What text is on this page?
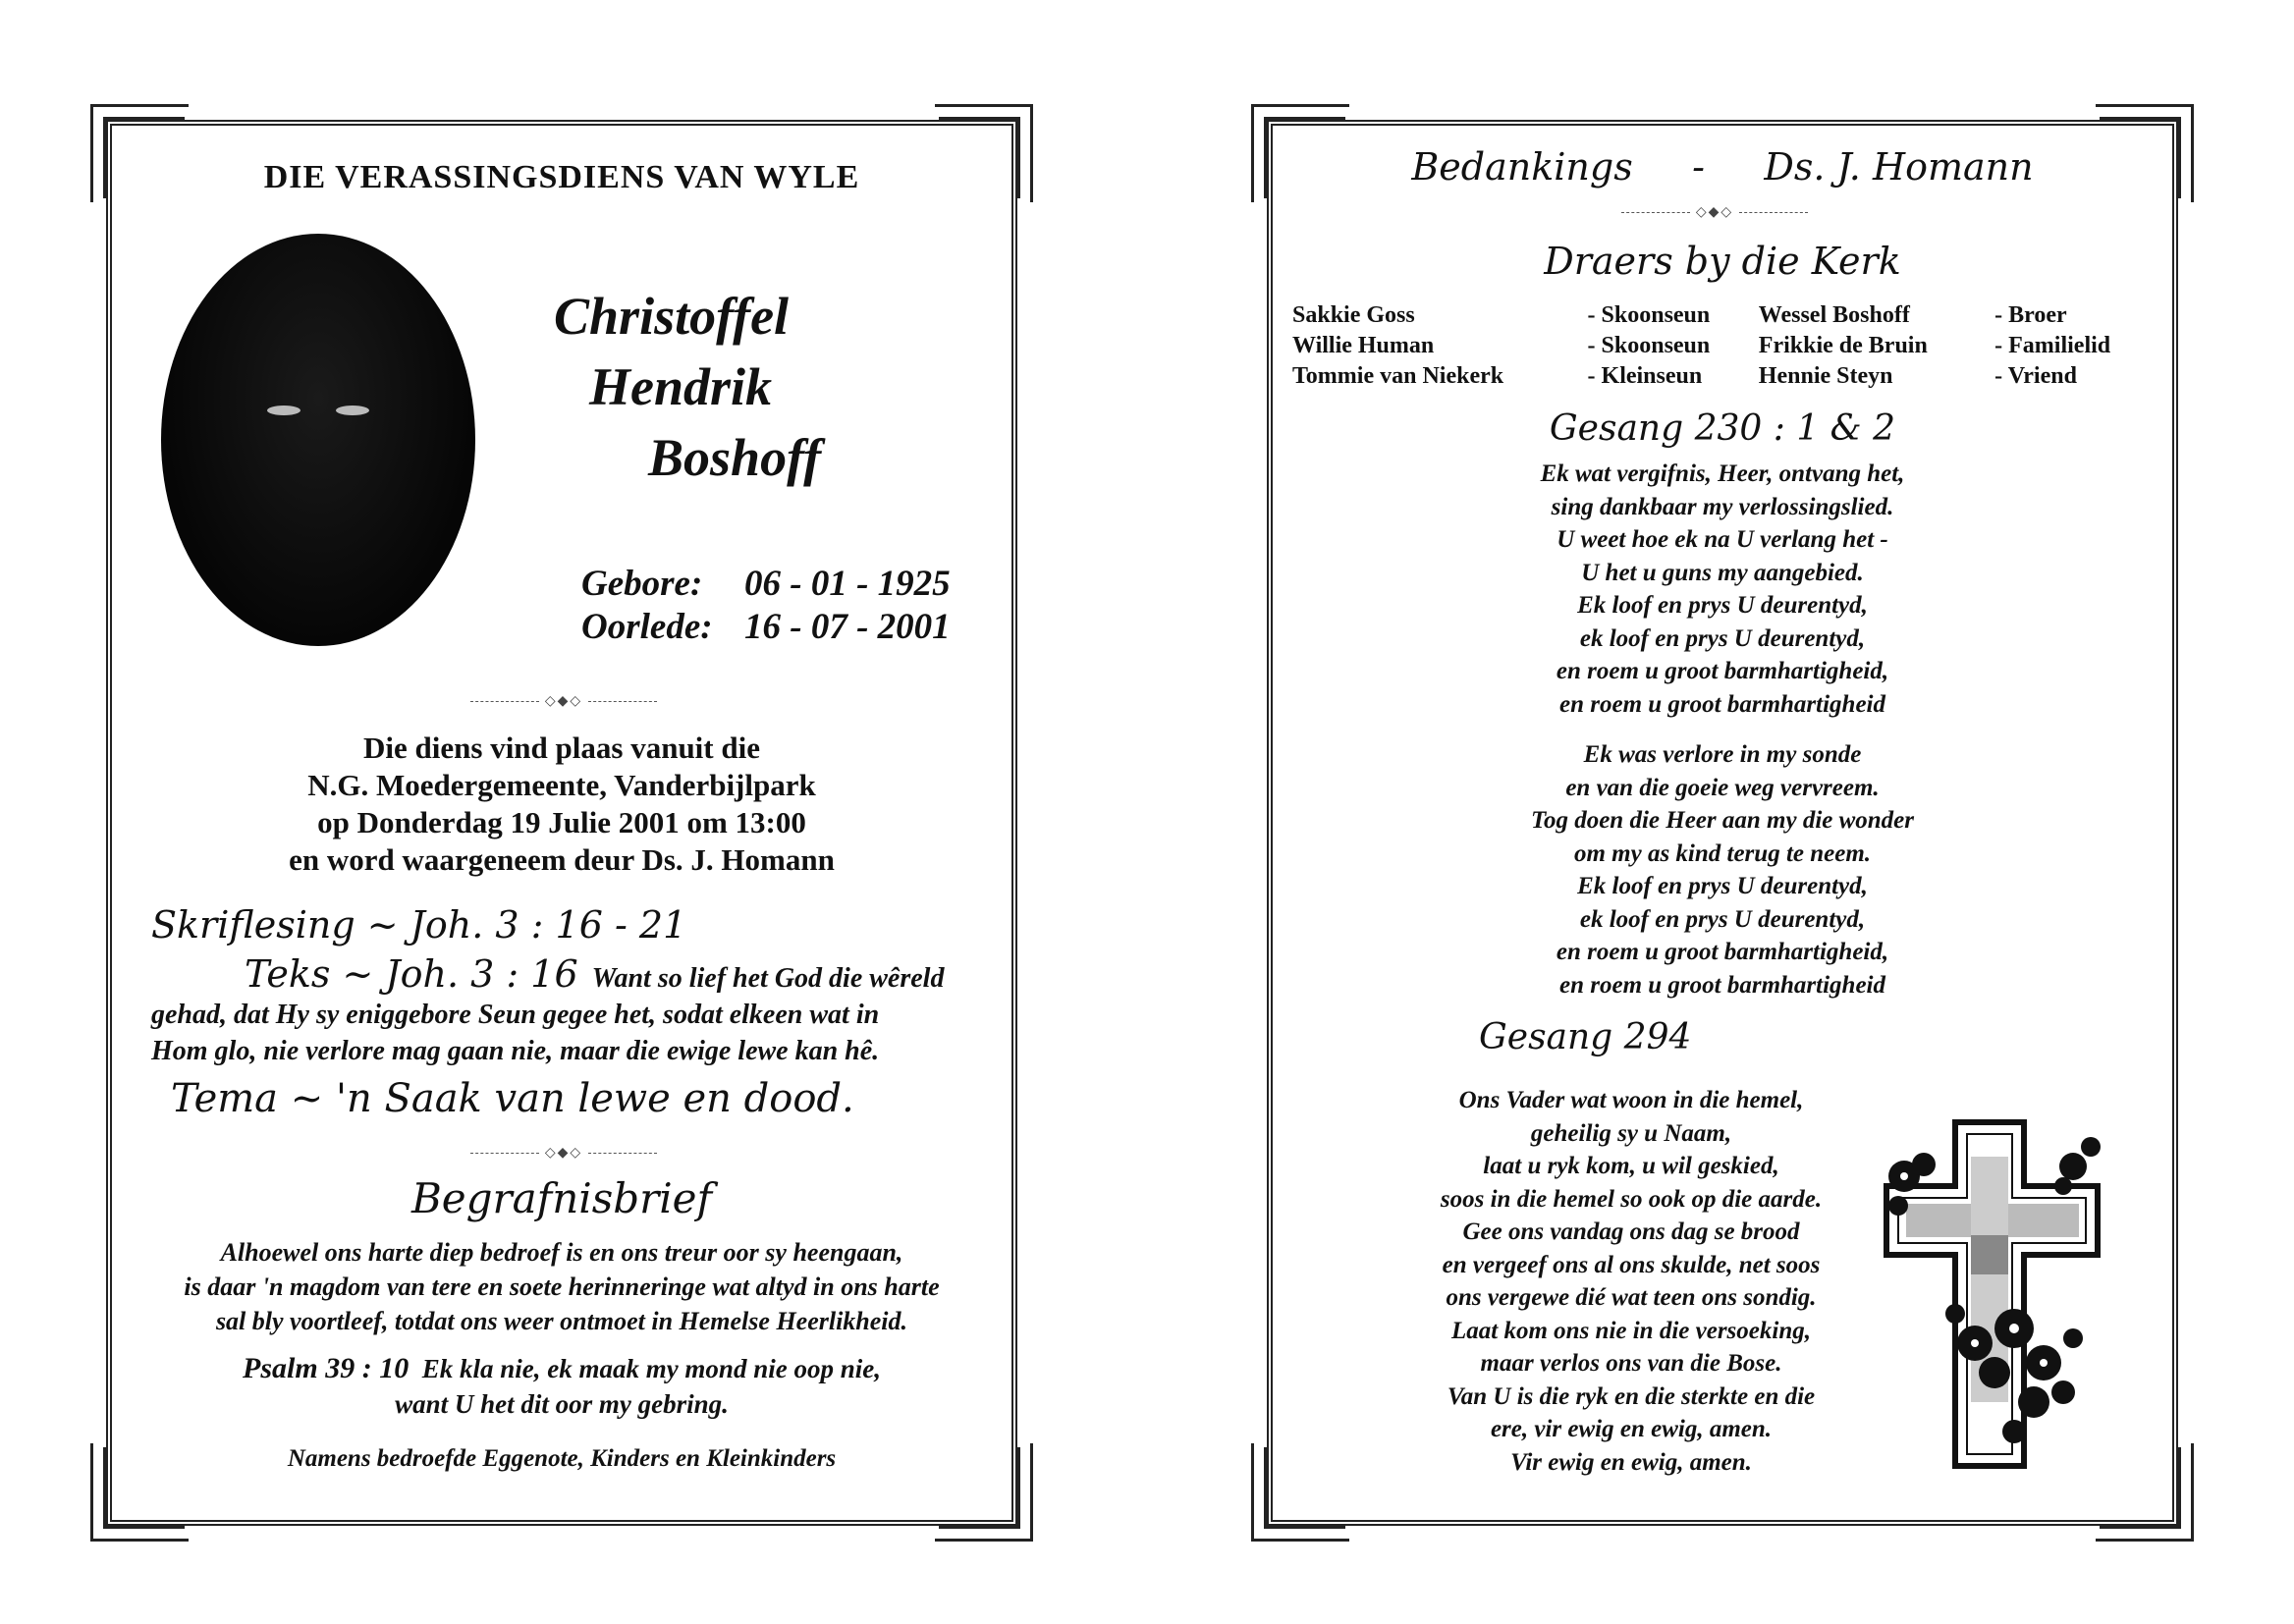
DIE VERASSINGSDIENS VAN WYLE
Christoffel
Hendrik
Boshoff
Gebore: 06 - 01 - 1925
Oorlede: 16 - 07 - 2001
◇◆◇
Die diens vind plaas vanuit die
N.G. Moedergemeente, Vanderbijlpark
op Donderdag 19 Julie 2001 om 13:00
en word waargeneem deur Ds. J. Homann
Skriflesing ~ Joh. 3 : 16 - 21
Teks ~ Joh. 3 : 16 Want so lief het God die wêreld
gehad, dat Hy sy eniggebore Seun gegee het, sodat elkeen wat in
Hom glo, nie verlore mag gaan nie, maar die ewige lewe kan hê.
Tema ~ 'n Saak van lewe en dood.
◇◆◇
Begrafnisbrief
Alhoewel ons harte diep bedroef is en ons treur oor sy heengaan,
is daar 'n magdom van tere en soete herinneringe wat altyd in ons harte
sal bly voortleef, totdat ons weer ontmoet in Hemelse Heerlikheid.
Psalm 39 : 10 Ek kla nie, ek maak my mond nie oop nie,
want U het dit oor my gebring.
Namens bedroefde Eggenote, Kinders en Kleinkinders
Bedankings - Ds. J. Homann
◇◆◇
Draers by die Kerk
Sakkie Goss	- Skoonseun	Wessel Boshoff	- Broer
Willie Human	- Skoonseun	Frikkie de Bruin	- Familielid
Tommie van Niekerk	- Kleinseun	Hennie Steyn	- Vriend
Gesang 230 : 1 & 2
Ek wat vergifnis, Heer, ontvang het,
sing dankbaar my verlossingslied.
U weet hoe ek na U verlang het -
U het u guns my aangebied.
Ek loof en prys U deurentyd,
ek loof en prys U deurentyd,
en roem u groot barmhartigheid,
en roem u groot barmhartigheid
Ek was verlore in my sonde
en van die goeie weg vervreem.
Tog doen die Heer aan my die wonder
om my as kind terug te neem.
Ek loof en prys U deurentyd,
ek loof en prys U deurentyd,
en roem u groot barmhartigheid,
en roem u groot barmhartigheid
Gesang 294
Ons Vader wat woon in die hemel,
geheilig sy u Naam,
laat u ryk kom, u wil geskied,
soos in die hemel so ook op die aarde.
Gee ons vandag ons dag se brood
en vergeef ons al ons skulde, net soos
ons vergewe dié wat teen ons sondig.
Laat kom ons nie in die versoeking,
maar verlos ons van die Bose.
Van U is die ryk en die sterkte en die
ere, vir ewig en ewig, amen.
Vir ewig en ewig, amen.
